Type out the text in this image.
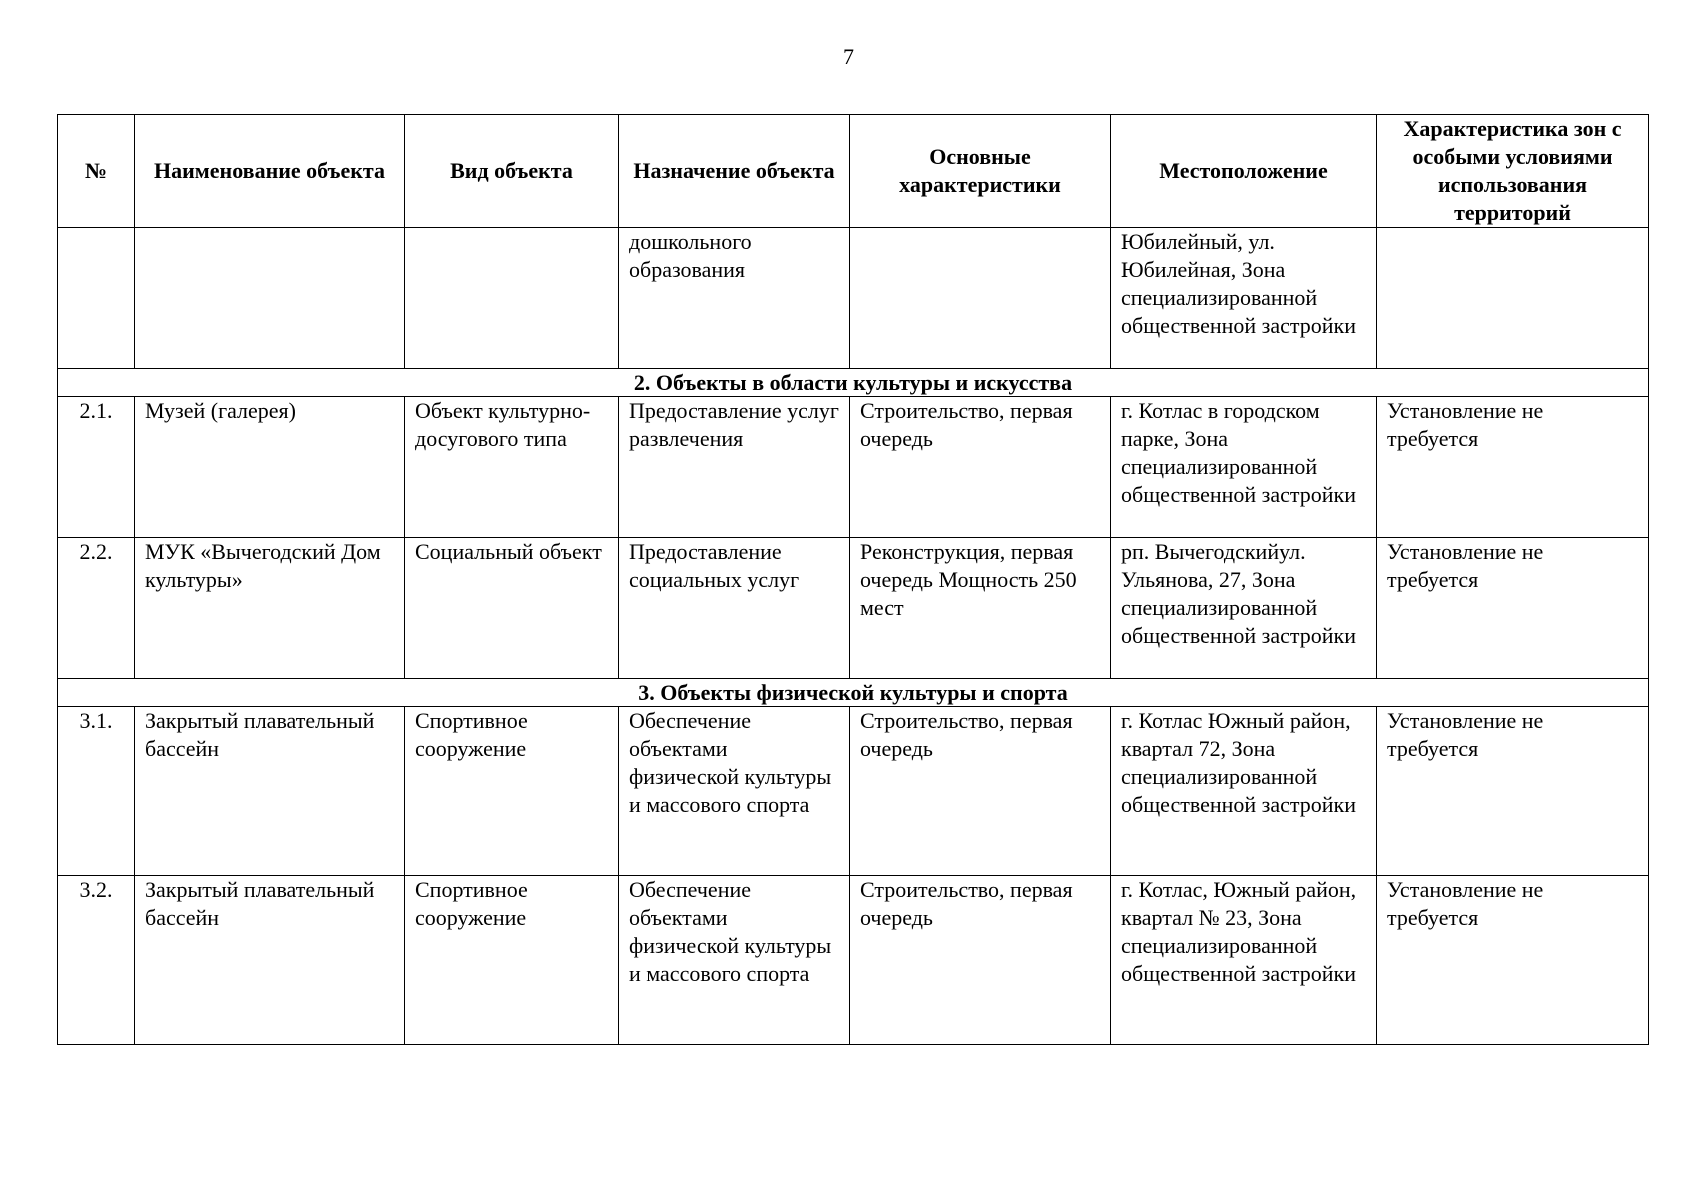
7
№	Наименование объекта	Вид объекта	Назначение объекта	Основные характеристики	Местоположение	Характеристика зон с особыми условиями использования территорий
			дошкольного образования		Юбилейный, ул. Юбилейная, Зона специализированной общественной застройки	
2. Объекты в области культуры и искусства						
2.1.	Музей (галерея)	Объект культурно-досугового типа	Предоставление услуг развлечения	Строительство, первая очередь	г. Котлас в городском парке, Зона специализированной общественной застройки	Установление не требуется
2.2.	МУК «Вычегодский Дом культуры»	Социальный объект	Предоставление социальных услуг	Реконструкция, первая очередь Мощность 250 мест	рп. Вычегодскийул. Ульянова, 27, Зона специализированной общественной застройки	Установление не требуется
3. Объекты физической культуры и спорта						
3.1.	Закрытый плавательный бассейн	Спортивное сооружение	Обеспечение объектами физической культуры и массового спорта	Строительство, первая очередь	г. Котлас Южный район, квартал 72, Зона специализированной общественной застройки	Установление не требуется
3.2.	Закрытый плавательный бассейн	Спортивное сооружение	Обеспечение объектами физической культуры и массового спорта	Строительство, первая очередь	г. Котлас, Южный район, квартал № 23, Зона специализированной общественной застройки	Установление не требуется
